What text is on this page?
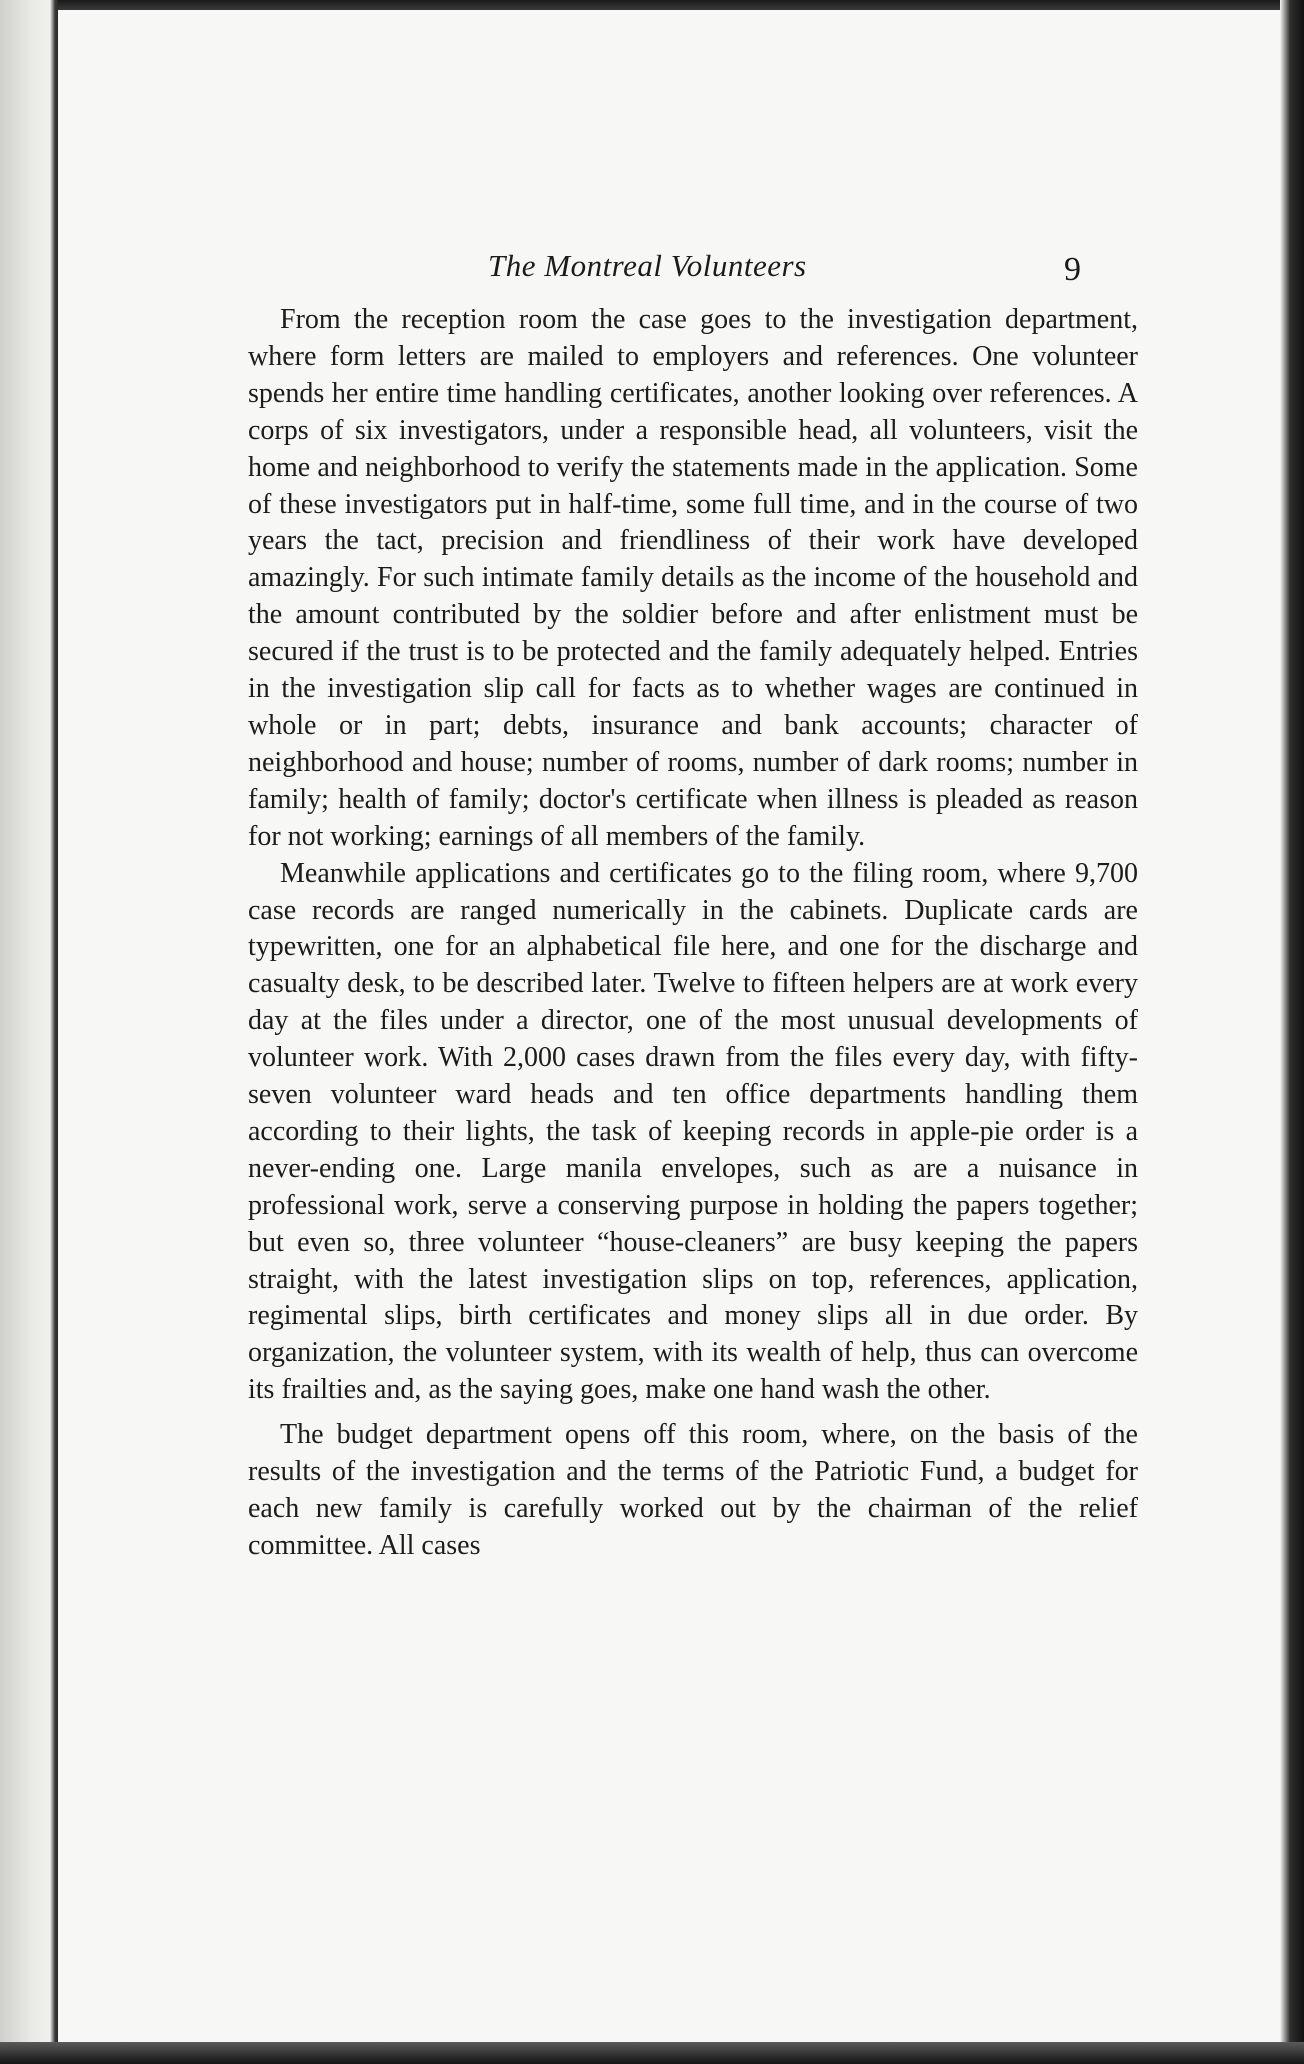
The Montreal Volunteers	9

From the reception room the case goes to the investigation department, where form letters are mailed to employers and references. One volunteer spends her entire time handling certificates, another looking over references. A corps of six investigators, under a responsible head, all volunteers, visit the home and neighborhood to verify the statements made in the application. Some of these investigators put in half-time, some full time, and in the course of two years the tact, precision and friendliness of their work have developed amazingly. For such intimate family details as the income of the household and the amount contributed by the soldier before and after enlistment must be secured if the trust is to be protected and the family adequately helped. Entries in the investigation slip call for facts as to whether wages are continued in whole or in part; debts, insurance and bank accounts; character of neighborhood and house; number of rooms, number of dark rooms; number in family; health of family; doctor's certificate when illness is pleaded as reason for not working; earnings of all members of the family.

Meanwhile applications and certificates go to the filing room, where 9,700 case records are ranged numerically in the cabinets. Duplicate cards are typewritten, one for an alphabetical file here, and one for the discharge and casualty desk, to be described later. Twelve to fifteen helpers are at work every day at the files under a director, one of the most unusual developments of volunteer work. With 2,000 cases drawn from the files every day, with fifty-seven volunteer ward heads and ten office departments handling them according to their lights, the task of keeping records in apple-pie order is a never-ending one. Large manila envelopes, such as are a nuisance in professional work, serve a conserving purpose in holding the papers together; but even so, three volunteer “house-cleaners” are busy keeping the papers straight, with the latest investigation slips on top, references, application, regimental slips, birth certificates and money slips all in due order. By organization, the volunteer system, with its wealth of help, thus can overcome its frailties and, as the saying goes, make one hand wash the other.

The budget department opens off this room, where, on the basis of the results of the investigation and the terms of the Patriotic Fund, a budget for each new family is carefully worked out by the chairman of the relief committee. All cases
